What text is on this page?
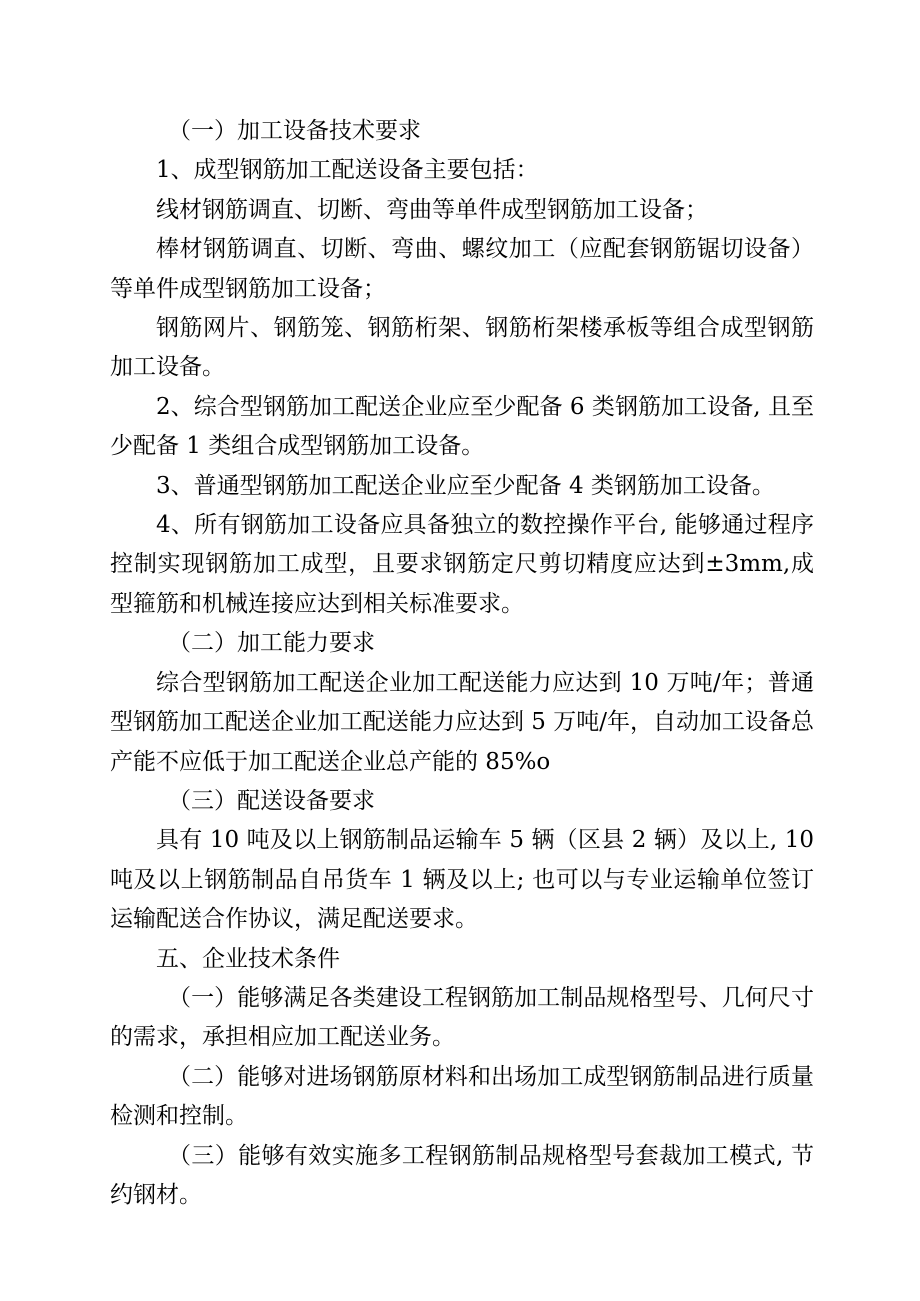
（一）加工设备技术要求

1、成型钢筋加工配送设备主要包括：

线材钢筋调直、切断、弯曲等单件成型钢筋加工设备；

棒材钢筋调直、切断、弯曲、螺纹加工（应配套钢筋锯切设备）等单件成型钢筋加工设备；

钢筋网片、钢筋笼、钢筋桁架、钢筋桁架楼承板等组合成型钢筋加工设备。

2、综合型钢筋加工配送企业应至少配备 6 类钢筋加工设备, 且至少配备 1 类组合成型钢筋加工设备。

3、普通型钢筋加工配送企业应至少配备 4 类钢筋加工设备。

4、所有钢筋加工设备应具备独立的数控操作平台, 能够通过程序控制实现钢筋加工成型，且要求钢筋定尺剪切精度应达到±3mm,成型箍筋和机械连接应达到相关标准要求。

（二）加工能力要求

综合型钢筋加工配送企业加工配送能力应达到 10 万吨/年；普通型钢筋加工配送企业加工配送能力应达到 5 万吨/年，自动加工设备总产能不应低于加工配送企业总产能的 85%o

（三）配送设备要求

具有 10 吨及以上钢筋制品运输车 5 辆（区县 2 辆）及以上, 10 吨及以上钢筋制品自吊货车 1 辆及以上; 也可以与专业运输单位签订运输配送合作协议，满足配送要求。

五、企业技术条件

（一）能够满足各类建设工程钢筋加工制品规格型号、几何尺寸的需求，承担相应加工配送业务。

（二）能够对进场钢筋原材料和出场加工成型钢筋制品进行质量检测和控制。

（三）能够有效实施多工程钢筋制品规格型号套裁加工模式, 节约钢材。
